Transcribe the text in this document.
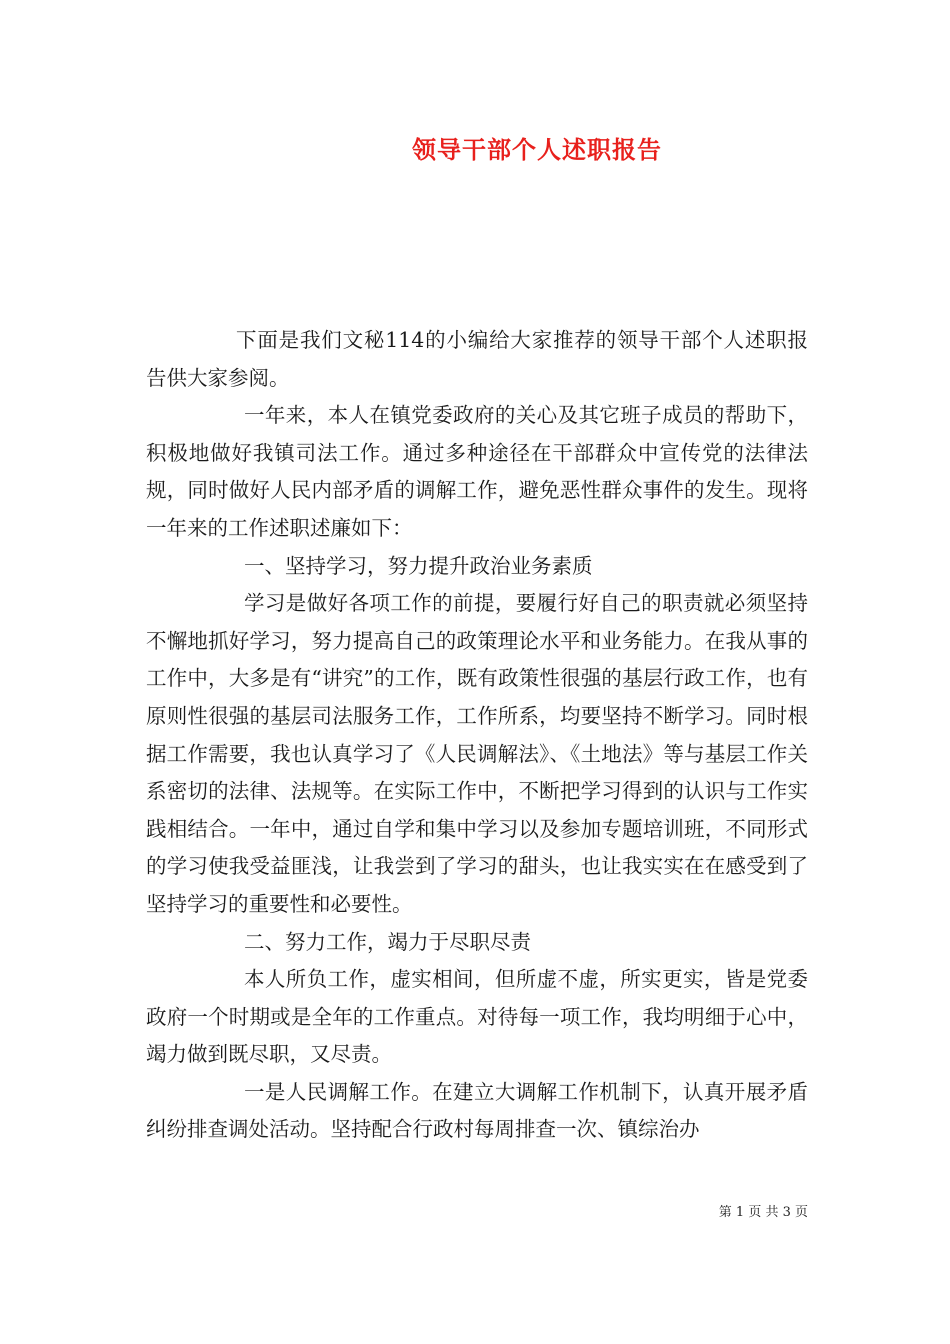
领导干部个人述职报告

下面是我们文秘114的小编给大家推荐的领导干部个人述职报告供大家参阅。

一年来，本人在镇党委政府的关心及其它班子成员的帮助下，积极地做好我镇司法工作。通过多种途径在干部群众中宣传党的法律法规，同时做好人民内部矛盾的调解工作，避免恶性群众事件的发生。现将一年来的工作述职述廉如下：

一、坚持学习，努力提升政治业务素质

学习是做好各项工作的前提，要履行好自己的职责就必须坚持不懈地抓好学习，努力提高自己的政策理论水平和业务能力。在我从事的工作中，大多是有“讲究”的工作，既有政策性很强的基层行政工作，也有原则性很强的基层司法服务工作，工作所系，均要坚持不断学习。同时根据工作需要，我也认真学习了《人民调解法》、《土地法》等与基层工作关系密切的法律、法规等。在实际工作中，不断把学习得到的认识与工作实践相结合。一年中，通过自学和集中学习以及参加专题培训班，不同形式的学习使我受益匪浅，让我尝到了学习的甜头，也让我实实在在感受到了坚持学习的重要性和必要性。

二、努力工作，竭力于尽职尽责

本人所负工作，虚实相间，但所虚不虚，所实更实，皆是党委政府一个时期或是全年的工作重点。对待每一项工作，我均明细于心中，竭力做到既尽职，又尽责。

一是人民调解工作。在建立大调解工作机制下，认真开展矛盾纠纷排查调处活动。坚持配合行政村每周排查一次、镇综治办

第 1 页 共 3 页
